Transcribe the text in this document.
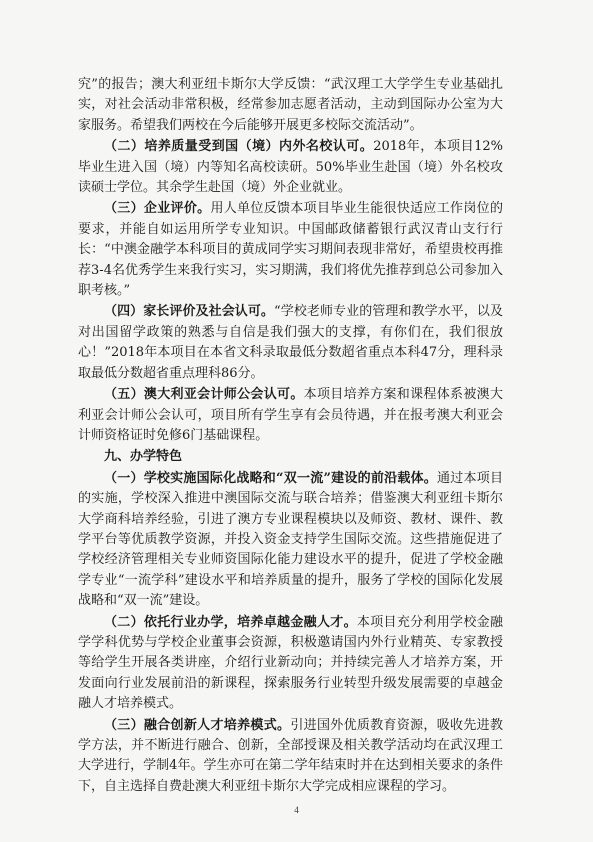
究”的报告；澳大利亚纽卡斯尔大学反馈：“武汉理工大学学生专业基础扎实，对社会活动非常积极，经常参加志愿者活动，主动到国际办公室为大家服务。希望我们两校在今后能够开展更多校际交流活动”。

（二）培养质量受到国（境）内外名校认可。2018年，本项目12%毕业生进入国（境）内等知名高校读研。50%毕业生赴国（境）外名校攻读硕士学位。其余学生赴国（境）外企业就业。

（三）企业评价。用人单位反馈本项目毕业生能很快适应工作岗位的要求，并能自如运用所学专业知识。中国邮政储蓄银行武汉青山支行行长：“中澳金融学本科项目的黄成同学实习期间表现非常好，希望贵校再推荐3-4名优秀学生来我行实习，实习期满，我们将优先推荐到总公司参加入职考核。”

（四）家长评价及社会认可。“学校老师专业的管理和教学水平，以及对出国留学政策的熟悉与自信是我们强大的支撑，有你们在，我们很放心！”2018年本项目在本省文科录取最低分数超省重点本科47分，理科录取最低分数超省重点理科86分。

（五）澳大利亚会计师公会认可。本项目培养方案和课程体系被澳大利亚会计师公会认可，项目所有学生享有会员待遇，并在报考澳大利亚会计师资格证时免修6门基础课程。

九、办学特色

（一）学校实施国际化战略和“双一流”建设的前沿载体。通过本项目的实施，学校深入推进中澳国际交流与联合培养；借鉴澳大利亚纽卡斯尔大学商科培养经验，引进了澳方专业课程模块以及师资、教材、课件、教学平台等优质教学资源，并投入资金支持学生国际交流。这些措施促进了学校经济管理相关专业师资国际化能力建设水平的提升，促进了学校金融学专业“一流学科”建设水平和培养质量的提升，服务了学校的国际化发展战略和“双一流”建设。

（二）依托行业办学，培养卓越金融人才。本项目充分利用学校金融学学科优势与学校企业董事会资源，积极邀请国内外行业精英、专家教授等给学生开展各类讲座，介绍行业新动向；并持续完善人才培养方案，开发面向行业发展前沿的新课程，探索服务行业转型升级发展需要的卓越金融人才培养模式。

（三）融合创新人才培养模式。引进国外优质教育资源，吸收先进教学方法，并不断进行融合、创新，全部授课及相关教学活动均在武汉理工大学进行，学制4年。学生亦可在第二学年结束时并在达到相关要求的条件下，自主选择自费赴澳大利亚纽卡斯尔大学完成相应课程的学习。

4
